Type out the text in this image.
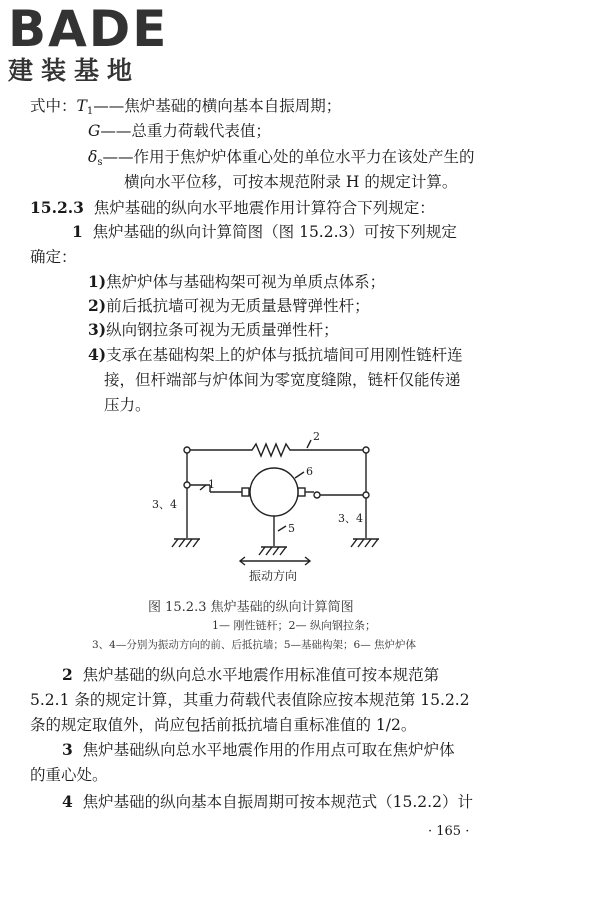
BADE
建装基地
式中：$T_1——$焦炉基础的横向基本自振周期；
G——总重力荷载代表值；
$\delta_s——$作用于焦炉炉体重心处的单位水平力在该处产生的
横向水平位移，可按本规范附录 H 的规定计算。
15.2.3 焦炉基础的纵向水平地震作用计算符合下列规定：
1 焦炉基础的纵向计算简图（图 15.2.3）可按下列规定
确定：
1)焦炉炉体与基础构架可视为单质点体系；
2)前后抵抗墙可视为无质量悬臂弹性杆；
3)纵向钢拉条可视为无质量弹性杆；
4)支承在基础构架上的炉体与抵抗墙间可用刚性链杆连
接，但杆端部与炉体间为零宽度缝隙，链杆仅能传递
压力。
2
6
1
5
3、4
3、4
振动方向
图 15.2.3 焦炉基础的纵向计算简图
1— 刚性链杆；2— 纵向钢拉条；
3、4—分别为振动方向的前、后抵抗墙；5—基础构架；6— 焦炉炉体
2 焦炉基础的纵向总水平地震作用标准值可按本规范第
5.2.1 条的规定计算，其重力荷载代表值除应按本规范第 15.2.2
条的规定取值外，尚应包括前抵抗墙自重标准值的 1/2。
3 焦炉基础纵向总水平地震作用的作用点可取在焦炉炉体
的重心处。
4 焦炉基础的纵向基本自振周期可按本规范式（15.2.2）计
· 165 ·
